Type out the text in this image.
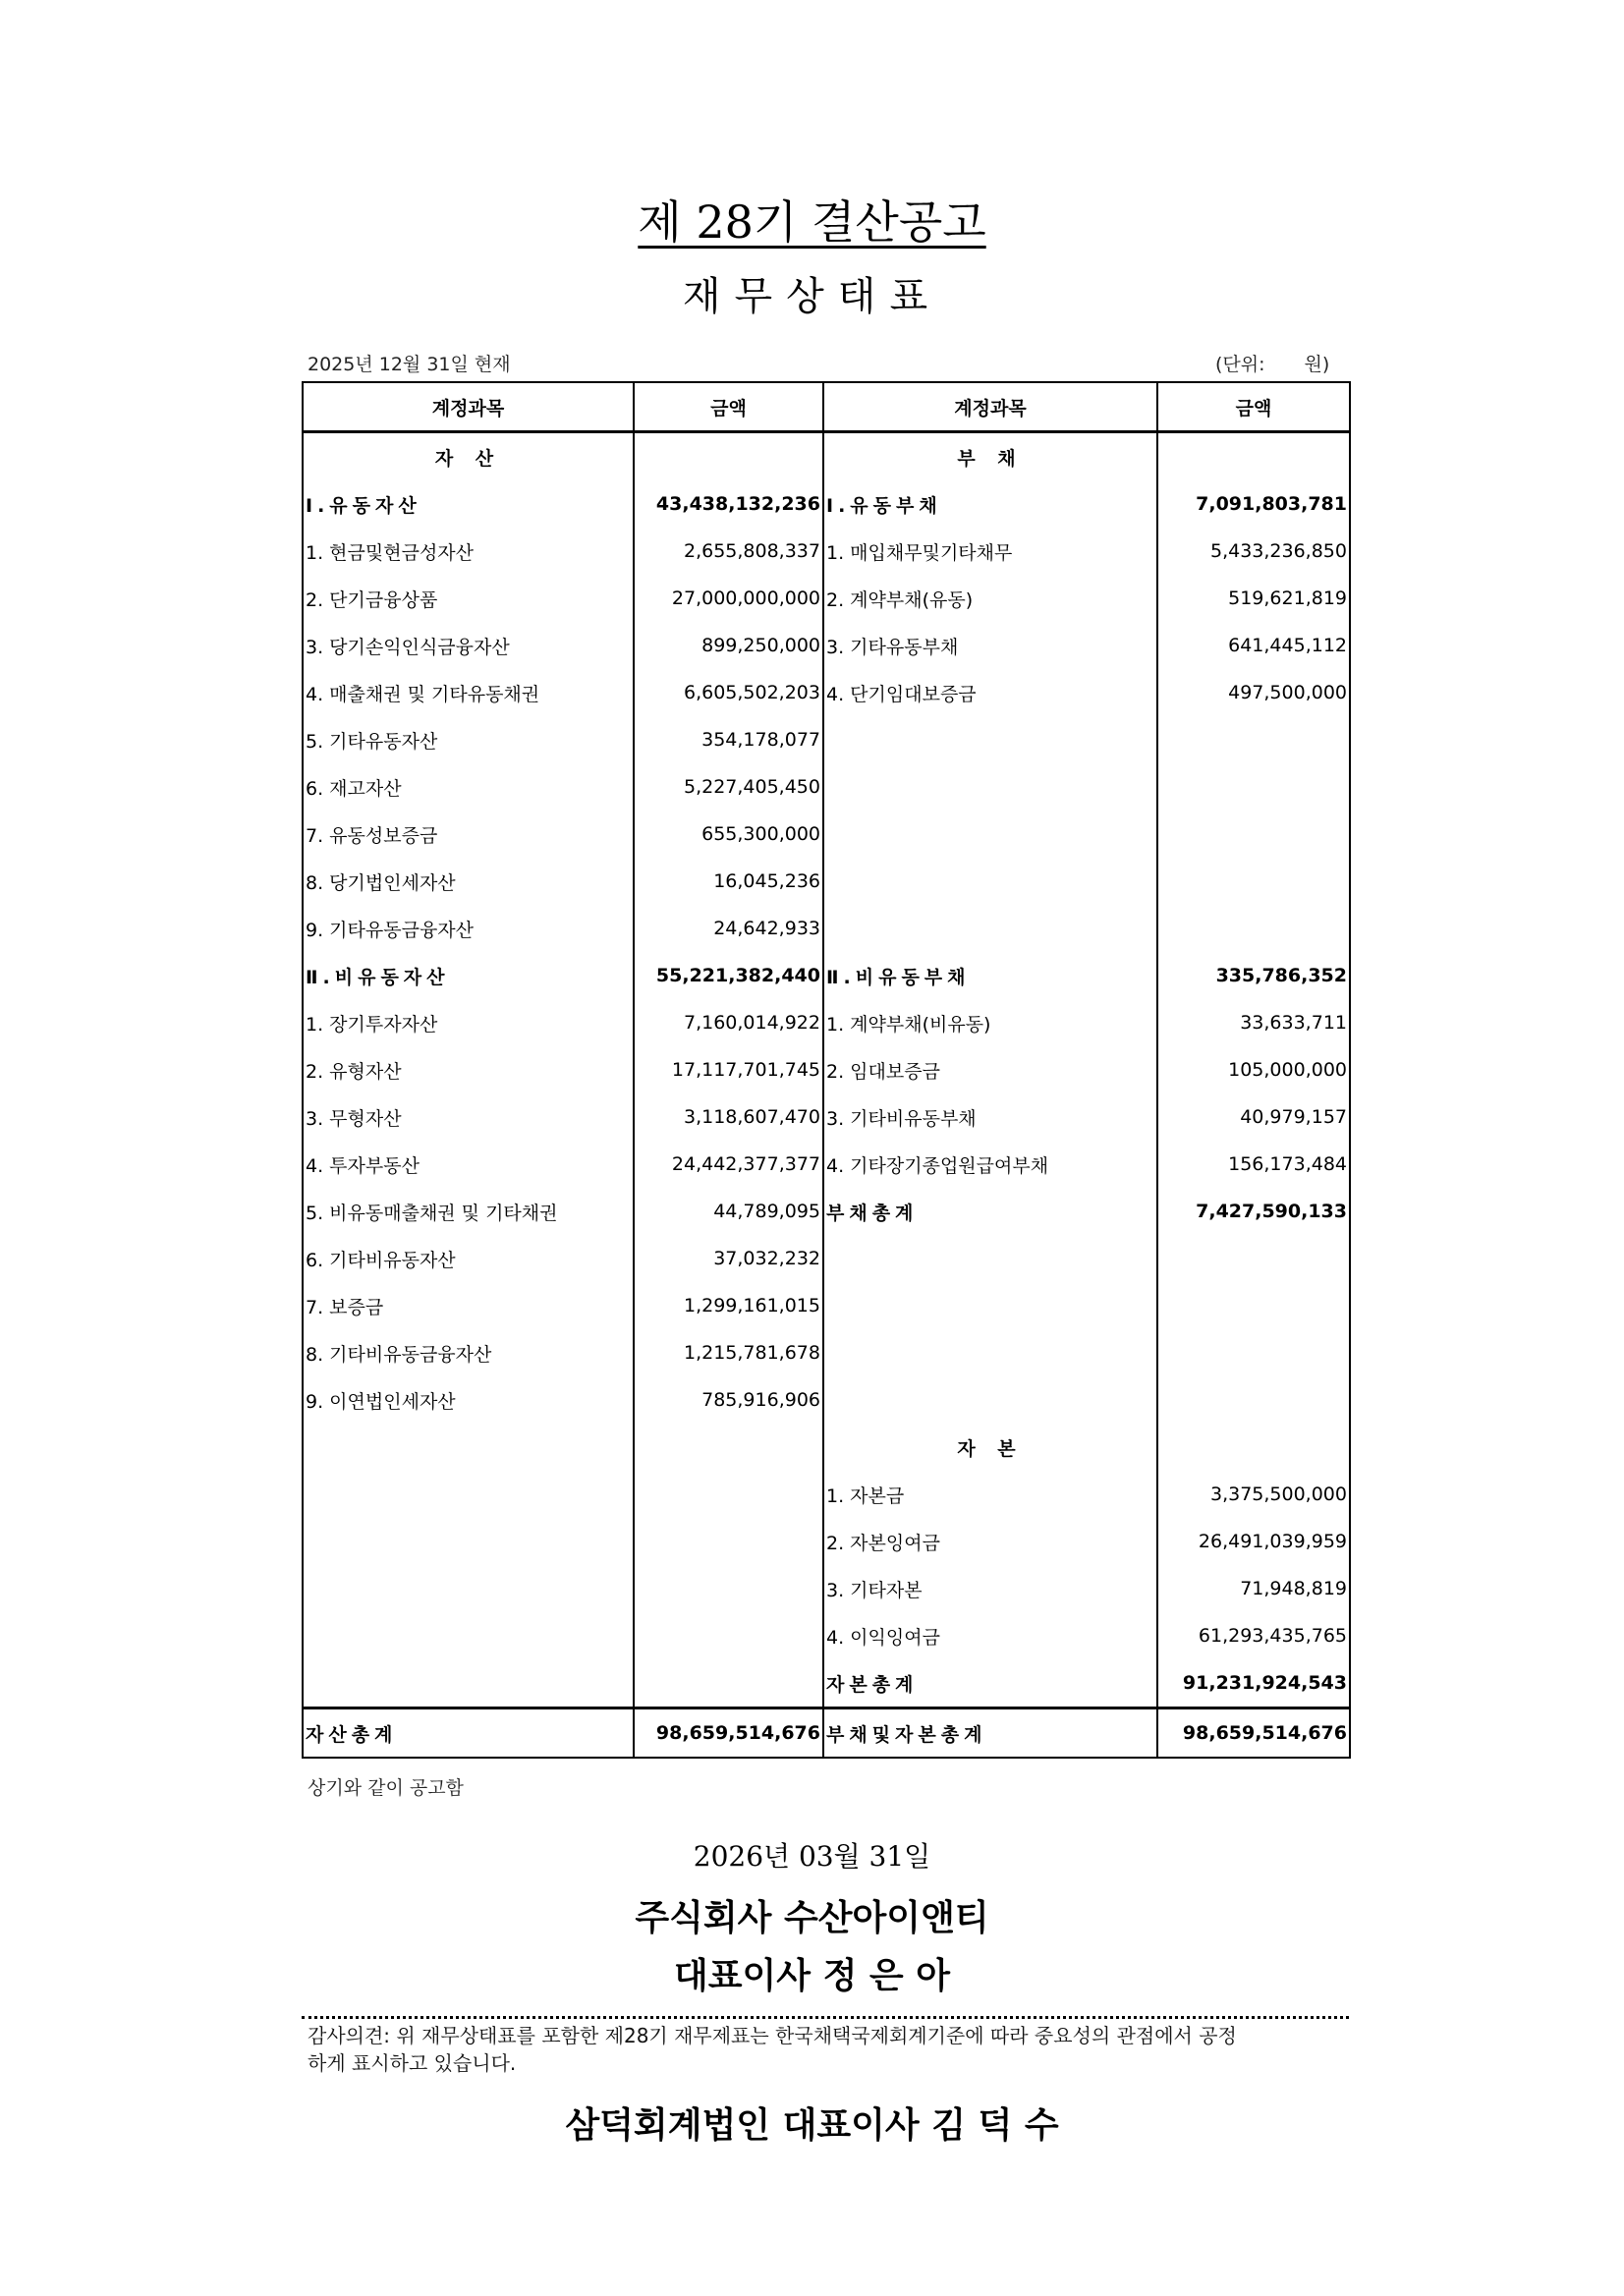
제 28기 결산공고
재무상태표
2025년 12월 31일 현재	(단위: 원)
계정과목	금액	계정과목	금액
자 산		부 채	
Ⅰ.유동자산	43,438,132,236	Ⅰ.유동부채	7,091,803,781
1. 현금및현금성자산	2,655,808,337	1. 매입채무및기타채무	5,433,236,850
2. 단기금융상품	27,000,000,000	2. 계약부채(유동)	519,621,819
3. 당기손익인식금융자산	899,250,000	3. 기타유동부채	641,445,112
4. 매출채권 및 기타유동채권	6,605,502,203	4. 단기임대보증금	497,500,000
5. 기타유동자산	354,178,077		
6. 재고자산	5,227,405,450		
7. 유동성보증금	655,300,000		
8. 당기법인세자산	16,045,236		
9. 기타유동금융자산	24,642,933		
Ⅱ.비유동자산	55,221,382,440	Ⅱ.비유동부채	335,786,352
1. 장기투자자산	7,160,014,922	1. 계약부채(비유동)	33,633,711
2. 유형자산	17,117,701,745	2. 임대보증금	105,000,000
3. 무형자산	3,118,607,470	3. 기타비유동부채	40,979,157
4. 투자부동산	24,442,377,377	4. 기타장기종업원급여부채	156,173,484
5. 비유동매출채권 및 기타채권	44,789,095	부채총계	7,427,590,133
6. 기타비유동자산	37,032,232		
7. 보증금	1,299,161,015		
8. 기타비유동금융자산	1,215,781,678		
9. 이연법인세자산	785,916,906		
		자 본	
		1. 자본금	3,375,500,000
		2. 자본잉여금	26,491,039,959
		3. 기타자본	71,948,819
		4. 이익잉여금	61,293,435,765
		자본총계	91,231,924,543
자산총계	98,659,514,676	부채및자본총계	98,659,514,676
상기와 같이 공고함
2026년 03월 31일
주식회사 수산아이앤티
대표이사 정 은 아
감사의견: 위 재무상태표를 포함한 제28기 재무제표는 한국채택국제회계기준에 따라 중요성의 관점에서 공정하게 표시하고 있습니다.
삼덕회계법인 대표이사 김 덕 수
